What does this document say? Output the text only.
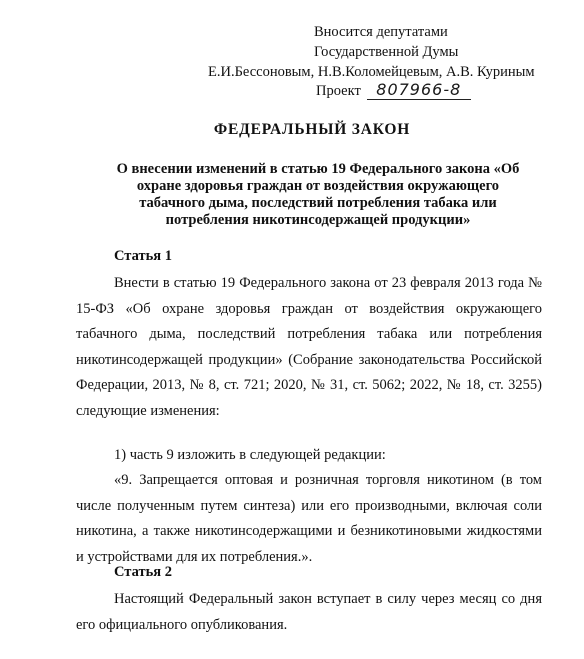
Вносится депутатами
Государственной Думы
Е.И.Бессоновым, Н.В.Коломейцевым, А.В. Куриным
Проект 807966-8
ФЕДЕРАЛЬНЫЙ ЗАКОН
О внесении изменений в статью 19 Федерального закона «Об охране здоровья граждан от воздействия окружающего табачного дыма, последствий потребления табака или потребления никотинсодержащей продукции»
Статья 1
Внести в статью 19 Федерального закона от 23 февраля 2013 года № 15-ФЗ «Об охране здоровья граждан от воздействия окружающего табачного дыма, последствий потребления табака или потребления никотинсодержащей продукции» (Собрание законодательства Российской Федерации, 2013, № 8, ст. 721; 2020, № 31, ст. 5062; 2022, № 18, ст. 3255) следующие изменения:
1) часть 9 изложить в следующей редакции:
«9. Запрещается оптовая и розничная торговля никотином (в том числе полученным путем синтеза) или его производными, включая соли никотина, а также никотинсодержащими и безникотиновыми жидкостями и устройствами для их потребления.».
Статья 2
Настоящий Федеральный закон вступает в силу через месяц со дня его официального опубликования.
